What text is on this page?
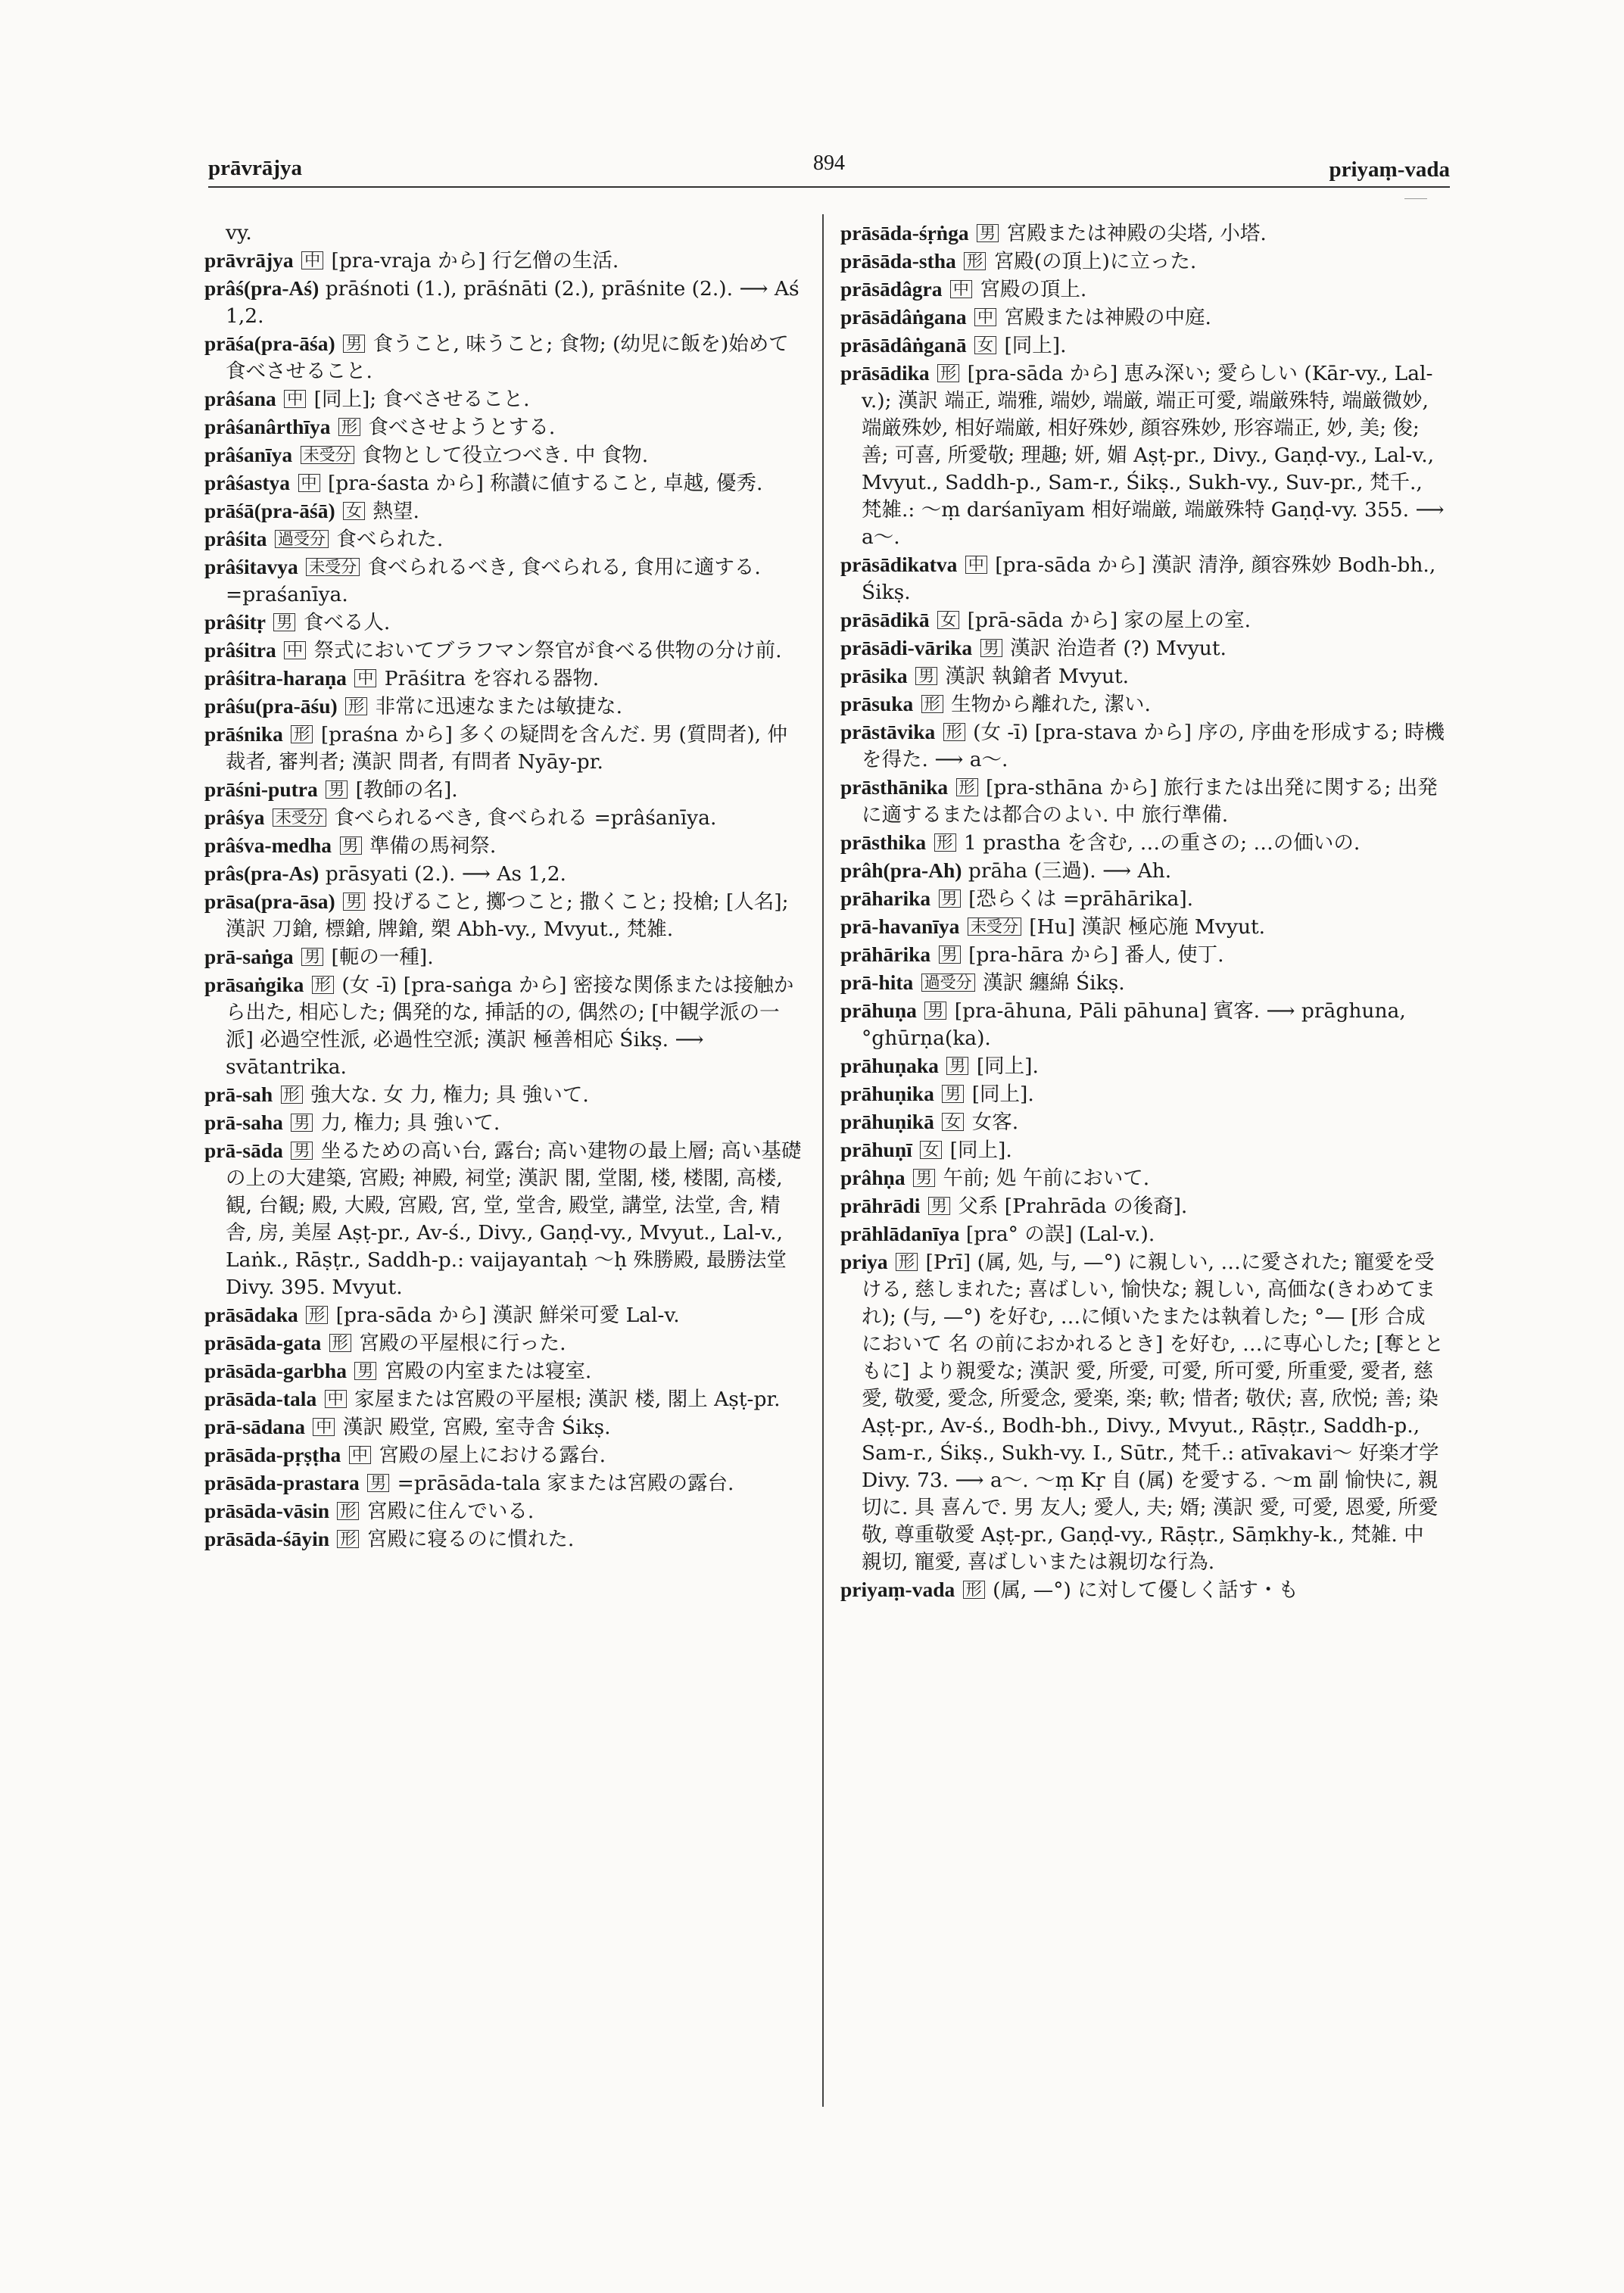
prāvrājya	894	priyaṃ-vada

vy.

prāvrājya 中 [pra-vraja から] 行乞僧の生活.

prâś(pra-Aś) prāśnoti (1.), prāśnāti (2.), prāśnite (2.). ⟶ Aś 1,2.

prāśa(pra-āśa) 男 食うこと, 味うこと; 食物; (幼児に飯を)始めて食べさせること.

prâśana 中 [同上]; 食べさせること.

prâśanârthīya 形 食べさせようとする.

prâśanīya 未受分 食物として役立つべき. 中 食物.

prâśastya 中 [pra-śasta から] 称讃に値すること, 卓越, 優秀.

prāśā(pra-āśā) 女 熱望.

prâśita 過受分 食べられた.

prâśitavya 未受分 食べられるべき, 食べられる, 食用に適する. =praśanīya.

prâśitṛ 男 食べる人.

prâśitra 中 祭式においてブラフマン祭官が食べる供物の分け前.

prâśitra-haraṇa 中 Prāśitra を容れる器物.

prâśu(pra-āśu) 形 非常に迅速なまたは敏捷な.

prāśnika 形 [praśna から] 多くの疑問を含んだ. 男 (質問者), 仲裁者, 審判者; 漢訳 問者, 有問者 Nyāy-pr.

prāśni-putra 男 [教師の名].

prâśya 未受分 食べられるべき, 食べられる =prâśanīya.

prâśva-medha 男 準備の馬祠祭.

prâs(pra-As) prāsyati (2.). ⟶ As 1,2.

prāsa(pra-āsa) 男 投げること, 擲つこと; 撒くこと; 投槍; [人名]; 漢訳 刀鎗, 標鎗, 牌鎗, 槊 Abh-vy., Mvyut., 梵雑.

prā-saṅga 男 [軛の一種].

prāsaṅgika 形 (女 -ī) [pra-saṅga から] 密接な関係または接触から出た, 相応した; 偶発的な, 挿話的の, 偶然の; [中観学派の一派] 必過空性派, 必過性空派; 漢訳 極善相応 Śikṣ. ⟶ svātantrika.

prā-sah 形 強大な. 女 力, 権力; 具 強いて.

prā-saha 男 力, 権力; 具 強いて.

prā-sāda 男 坐るための高い台, 露台; 高い建物の最上層; 高い基礎の上の大建築, 宮殿; 神殿, 祠堂; 漢訳 閣, 堂閣, 楼, 楼閣, 高楼, 観, 台観; 殿, 大殿, 宮殿, 宮, 堂, 堂舎, 殿堂, 講堂, 法堂, 舎, 精舎, 房, 美屋 Aṣṭ-pr., Av-ś., Divy., Gaṇḍ-vy., Mvyut., Lal-v., Laṅk., Rāṣṭr., Saddh-p.: vaijayantaḥ ～ḥ 殊勝殿, 最勝法堂 Divy. 395. Mvyut.

prāsādaka 形 [pra-sāda から] 漢訳 鮮栄可愛 Lal-v.

prāsāda-gata 形 宮殿の平屋根に行った.

prāsāda-garbha 男 宮殿の内室または寝室.

prāsāda-tala 中 家屋または宮殿の平屋根; 漢訳 楼, 閣上 Aṣṭ-pr.

prā-sādana 中 漢訳 殿堂, 宮殿, 室寺舎 Śikṣ.

prāsāda-pṛṣṭha 中 宮殿の屋上における露台.

prāsāda-prastara 男 =prāsāda-tala 家または宮殿の露台.

prāsāda-vāsin 形 宮殿に住んでいる.

prāsāda-śāyin 形 宮殿に寝るのに慣れた.

prāsāda-śṛṅga 男 宮殿または神殿の尖塔, 小塔.

prāsāda-stha 形 宮殿(の頂上)に立った.

prāsādâgra 中 宮殿の頂上.

prāsādâṅgana 中 宮殿または神殿の中庭.

prāsādâṅganā 女 [同上].

prāsādika 形 [pra-sāda から] 恵み深い; 愛らしい (Kār-vy., Lal-v.); 漢訳 端正, 端雅, 端妙, 端厳, 端正可愛, 端厳殊特, 端厳微妙, 端厳殊妙, 相好端厳, 相好殊妙, 顔容殊妙, 形容端正, 妙, 美; 俊; 善; 可喜, 所愛敬; 理趣; 妍, 媚 Aṣṭ-pr., Divy., Gaṇḍ-vy., Lal-v., Mvyut., Saddh-p., Sam-r., Śikṣ., Sukh-vy., Suv-pr., 梵千., 梵雑.: ～ṃ darśanīyam 相好端厳, 端厳殊特 Gaṇḍ-vy. 355. ⟶ a～.

prāsādikatva 中 [pra-sāda から] 漢訳 清浄, 顔容殊妙 Bodh-bh., Śikṣ.

prāsādikā 女 [prā-sāda から] 家の屋上の室.

prāsādi-vārika 男 漢訳 治造者 (?) Mvyut.

prāsika 男 漢訳 執鎗者 Mvyut.

prāsuka 形 生物から離れた, 潔い.

prāstāvika 形 (女 -ī) [pra-stava から] 序の, 序曲を形成する; 時機を得た. ⟶ a～.

prāsthānika 形 [pra-sthāna から] 旅行または出発に関する; 出発に適するまたは都合のよい. 中 旅行準備.

prāsthika 形 1 prastha を含む, …の重さの; …の価いの.

prâh(pra-Ah) prāha (三過). ⟶ Ah.

prāharika 男 [恐らくは =prāhārika].

prā-havanīya 未受分 [Hu] 漢訳 極応施 Mvyut.

prāhārika 男 [pra-hāra から] 番人, 使丁.

prā-hita 過受分 漢訳 纏綿 Śikṣ.

prāhuṇa 男 [pra-āhuna, Pāli pāhuna] 賓客. ⟶ prāghuna, °ghūrṇa(ka).

prāhuṇaka 男 [同上].

prāhuṇika 男 [同上].

prāhuṇikā 女 女客.

prāhuṇī 女 [同上].

prâhṇa 男 午前; 処 午前において.

prāhrādi 男 父系 [Prahrāda の後裔].

prāhlādanīya [pra° の誤] (Lal-v.).

priya 形 [Prī] (属, 処, 与, —°) に親しい, …に愛された; 寵愛を受ける, 慈しまれた; 喜ばしい, 愉快な; 親しい, 高価な(きわめてまれ); (与, —°) を好む, …に傾いたまたは執着した; °— [形 合成 において 名 の前におかれるとき] を好む, …に専心した; [奪とともに] より親愛な; 漢訳 愛, 所愛, 可愛, 所可愛, 所重愛, 愛者, 慈愛, 敬愛, 愛念, 所愛念, 愛楽, 楽; 軟; 惜者; 敬伏; 喜, 欣悦; 善; 染 Aṣṭ-pr., Av-ś., Bodh-bh., Divy., Mvyut., Rāṣṭr., Saddh-p., Sam-r., Śikṣ., Sukh-vy. I., Sūtr., 梵千.: atīvakavi～ 好楽才学 Divy. 73. ⟶ a～. ～ṃ Kṛ 自 (属) を愛する. ～m 副 愉快に, 親切に. 具 喜んで. 男 友人; 愛人, 夫; 婿; 漢訳 愛, 可愛, 恩愛, 所愛敬, 尊重敬愛 Aṣṭ-pr., Gaṇḍ-vy., Rāṣṭr., Sāṃkhy-k., 梵雑. 中 親切, 寵愛, 喜ばしいまたは親切な行為.

priyaṃ-vada 形 (属, —°) に対して優しく話す・も
